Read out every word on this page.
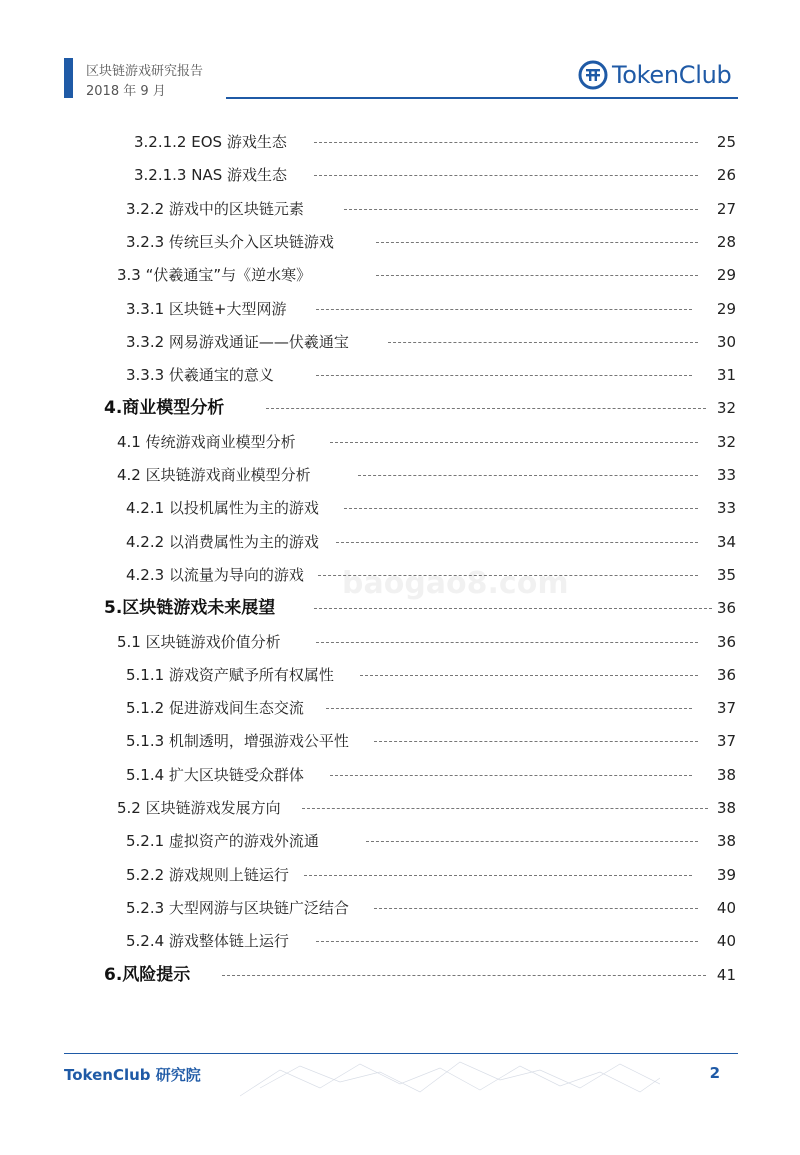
区块链游戏研究报告
2018 年 9 月
TokenClub
baogao8.com
3.2.1.2 EOS 游戏生态	25
3.2.1.3 NAS 游戏生态	26
3.2.2 游戏中的区块链元素	27
3.2.3 传统巨头介入区块链游戏	28
3.3 “伏羲通宝”与《逆水寒》	29
3.3.1 区块链+大型网游	29
3.3.2 网易游戏通证——伏羲通宝	30
3.3.3 伏羲通宝的意义	31
4.商业模型分析	32
4.1 传统游戏商业模型分析	32
4.2 区块链游戏商业模型分析	33
4.2.1 以投机属性为主的游戏	33
4.2.2 以消费属性为主的游戏	34
4.2.3 以流量为导向的游戏	35
5.区块链游戏未来展望	36
5.1 区块链游戏价值分析	36
5.1.1 游戏资产赋予所有权属性	36
5.1.2 促进游戏间生态交流	37
5.1.3 机制透明，增强游戏公平性	37
5.1.4 扩大区块链受众群体	38
5.2 区块链游戏发展方向	38
5.2.1 虚拟资产的游戏外流通	38
5.2.2 游戏规则上链运行	39
5.2.3 大型网游与区块链广泛结合	40
5.2.4 游戏整体链上运行	40
6.风险提示	41
TokenClub 研究院	2
